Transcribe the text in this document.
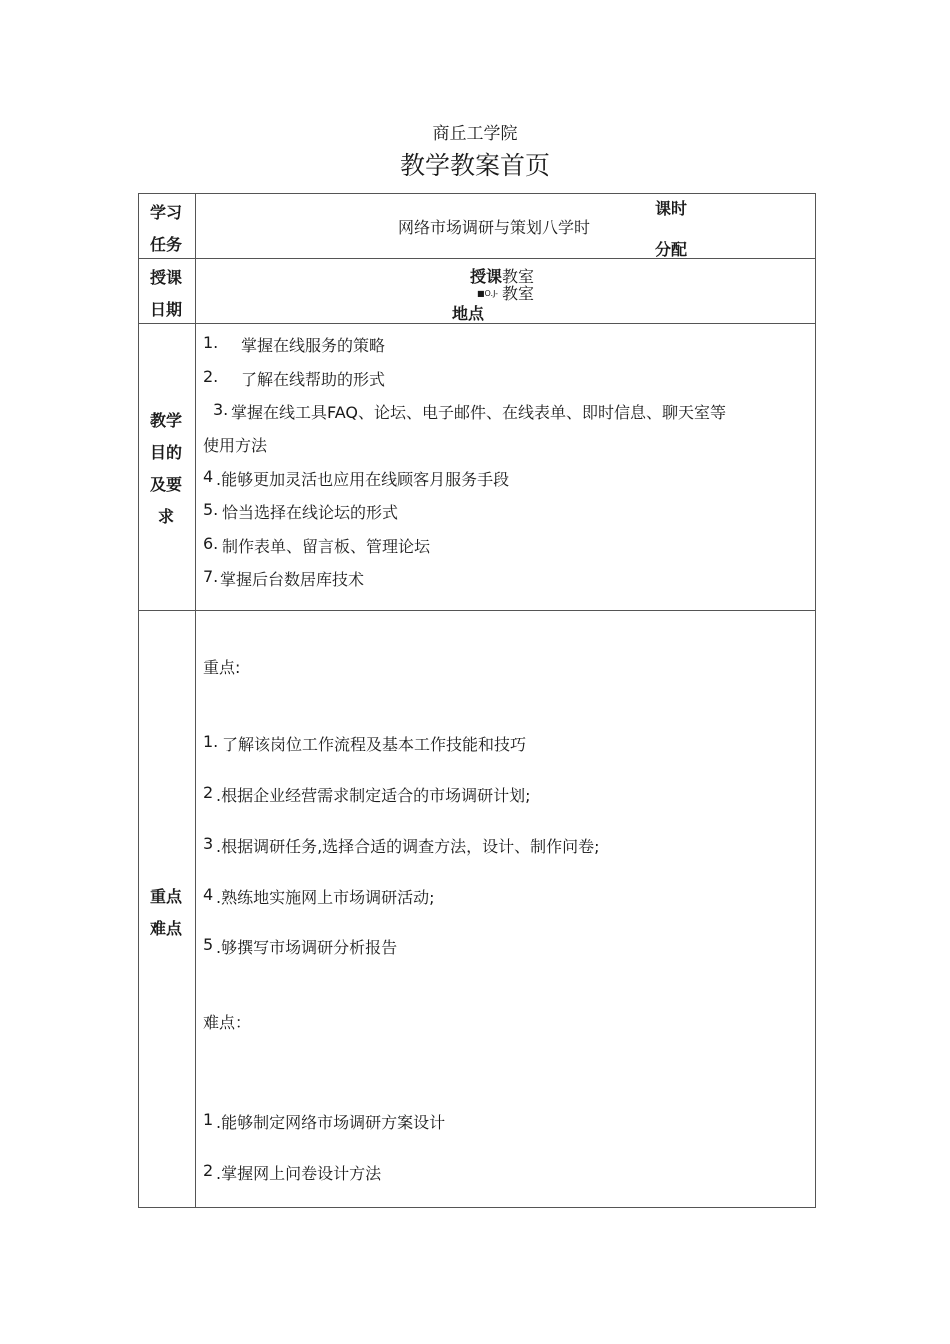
商丘工学院
教学教案首页
学习
任务
网络市场调研与策划八学时
课时
分配
授课
日期
授课教室
■O.J- 教室
地点
教学
目的
及要
求
1. 掌握在线服务的策略
2. 了解在线帮助的形式
3. 掌握在线工具FAQ、论坛、电子邮件、在线表单、即时信息、聊天室等
使用方法
4 .能够更加灵活也应用在线顾客月服务手段
5. 恰当选择在线论坛的形式
6. 制作表单、留言板、管理论坛
7. 掌握后台数居库技术
重点
难点
重点:
1. 了解该岗位工作流程及基本工作技能和技巧
2 .根据企业经营需求制定适合的市场调研计划;
3 .根据调研任务,选择合适的调查方法，设计、制作问卷;
4 .熟练地实施网上市场调研活动;
5 .够撰写市场调研分析报告
难点：
1 .能够制定网络市场调研方案设计
2 .掌握网上问卷设计方法
